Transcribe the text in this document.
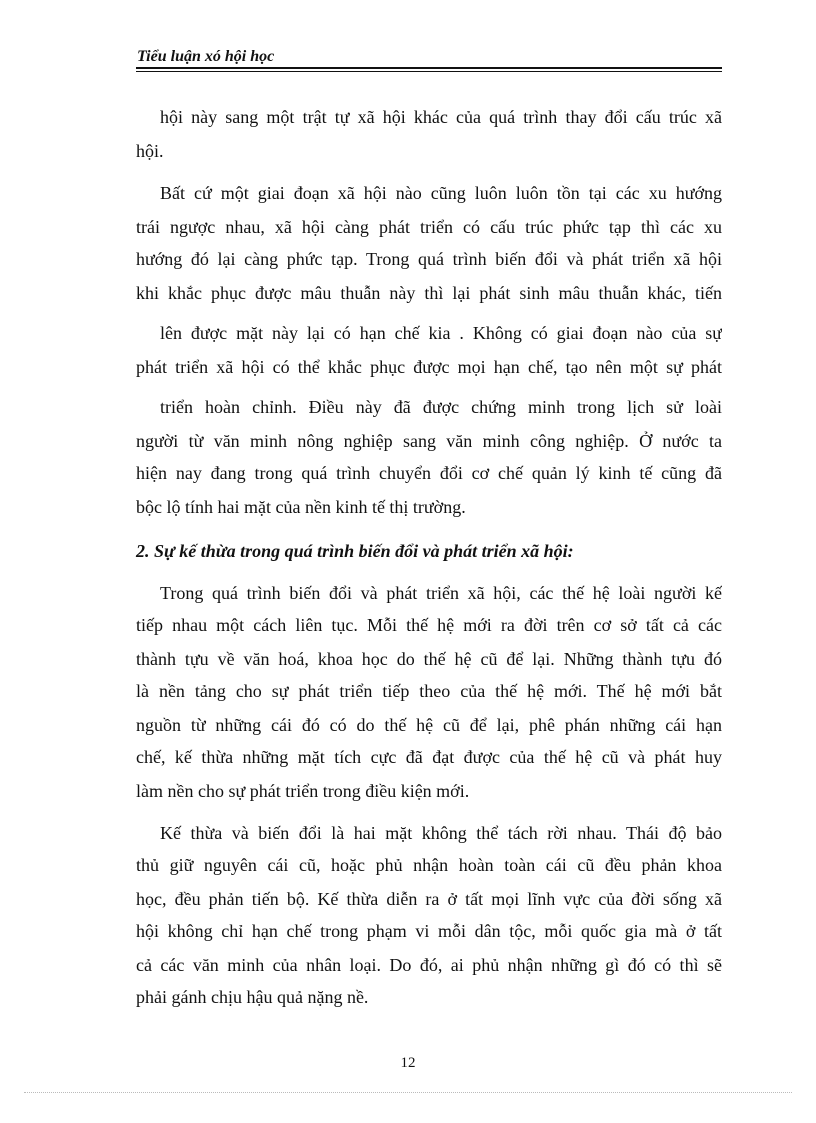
Tiểu luận xó hội học
hội này sang một trật tự xã hội khác của quá trình thay đổi cấu trúc xã
hội.
Bất cứ một giai đoạn xã hội nào cũng luôn luôn tồn tại các xu hướng
trái ngược nhau, xã hội càng phát triển có cấu trúc phức tạp thì các xu
hướng đó lại càng phức tạp. Trong quá trình biến đổi và phát triển xã hội
khi khắc phục được mâu thuẫn này thì lại phát sinh mâu thuẫn khác, tiến
lên được mặt này lại có hạn chế kia . Không có giai đoạn nào của sự
phát triển xã hội có thể khắc phục được mọi hạn chế, tạo nên một sự phát
triển hoàn chỉnh. Điều này đã được chứng minh trong lịch sử loài
người từ văn minh nông nghiệp sang văn minh công nghiệp. Ở nước ta
hiện nay đang trong quá trình chuyển đổi cơ chế quản lý kinh tế cũng đã
bộc lộ tính hai mặt của nền kinh tế thị trường.
2. Sự kế thừa trong quá trình biến đổi và phát triển xã hội:
Trong quá trình biến đổi và phát triển xã hội, các thế hệ loài người kế
tiếp nhau một cách liên tục. Mỗi thế hệ mới ra đời trên cơ sở tất cả các
thành tựu về văn hoá, khoa học do thế hệ cũ để lại. Những thành tựu đó
là nền tảng cho sự phát triển tiếp theo của thế hệ mới. Thế hệ mới bắt
nguồn từ những cái đó có do thế hệ cũ để lại, phê phán những cái hạn
chế, kế thừa những mặt tích cực đã đạt được của thế hệ cũ và phát huy
làm nền cho sự phát triển trong điều kiện mới.
Kế thừa và biến đổi là hai mặt không thể tách rời nhau. Thái độ bảo
thủ giữ nguyên cái cũ, hoặc phủ nhận hoàn toàn cái cũ đều phản khoa
học, đều phản tiến bộ. Kế thừa diễn ra ở tất mọi lĩnh vực của đời sống xã
hội không chỉ hạn chế trong phạm vi mỗi dân tộc, mỗi quốc gia mà ở tất
cả các văn minh của nhân loại. Do đó, ai phủ nhận những gì đó có thì sẽ
phải gánh chịu hậu quả nặng nề.
12
